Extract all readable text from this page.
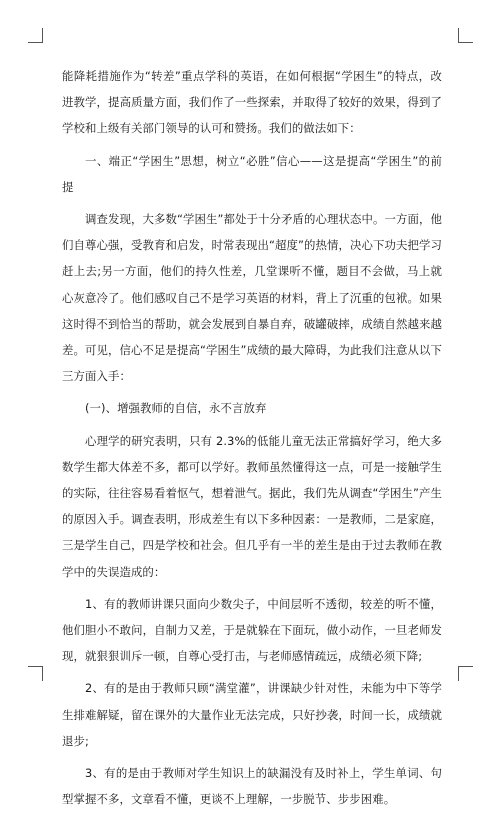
能降耗措施作为“转差”重点学科的英语，在如何根据“学困生”的特点，改进教学，提高质量方面，我们作了一些探索，并取得了较好的效果，得到了学校和上级有关部门领导的认可和赞扬。我们的做法如下：

一、端正“学困生”思想，树立“必胜”信心——这是提高“学困生”的前提

调查发现，大多数“学困生”都处于十分矛盾的心理状态中。一方面，他们自尊心强，受教育和启发，时常表现出“超度”的热情，决心下功夫把学习赶上去;另一方面，他们的持久性差，几堂课听不懂，题目不会做，马上就心灰意冷了。他们感叹自己不是学习英语的材料，背上了沉重的包袱。如果这时得不到恰当的帮助，就会发展到自暴自弃，破罐破摔，成绩自然越来越差。可见，信心不足是提高“学困生”成绩的最大障碍，为此我们注意从以下三方面入手：

(一)、增强教师的自信，永不言放弃

心理学的研究表明，只有 2.3%的低能儿童无法正常搞好学习，绝大多数学生都大体差不多，都可以学好。教师虽然懂得这一点，可是一接触学生的实际，往往容易看着怄气，想着泄气。据此，我们先从调查“学困生”产生的原因入手。调查表明，形成差生有以下多种因素：一是教师，二是家庭，三是学生自己，四是学校和社会。但几乎有一半的差生是由于过去教师在教学中的失误造成的：

1、有的教师讲课只面向少数尖子，中间层听不透彻，较差的听不懂，他们胆小不敢问，自制力又差，于是就躲在下面玩，做小动作，一旦老师发现，就狠狠训斥一顿，自尊心受打击，与老师感情疏远，成绩必须下降;

2、有的是由于教师只顾“满堂灌”，讲课缺少针对性，未能为中下等学生排难解疑，留在课外的大量作业无法完成，只好抄袭，时间一长，成绩就退步;

3、有的是由于教师对学生知识上的缺漏没有及时补上，学生单词、句型掌握不多，文章看不懂，更谈不上理解，一步脱节、步步困难。
